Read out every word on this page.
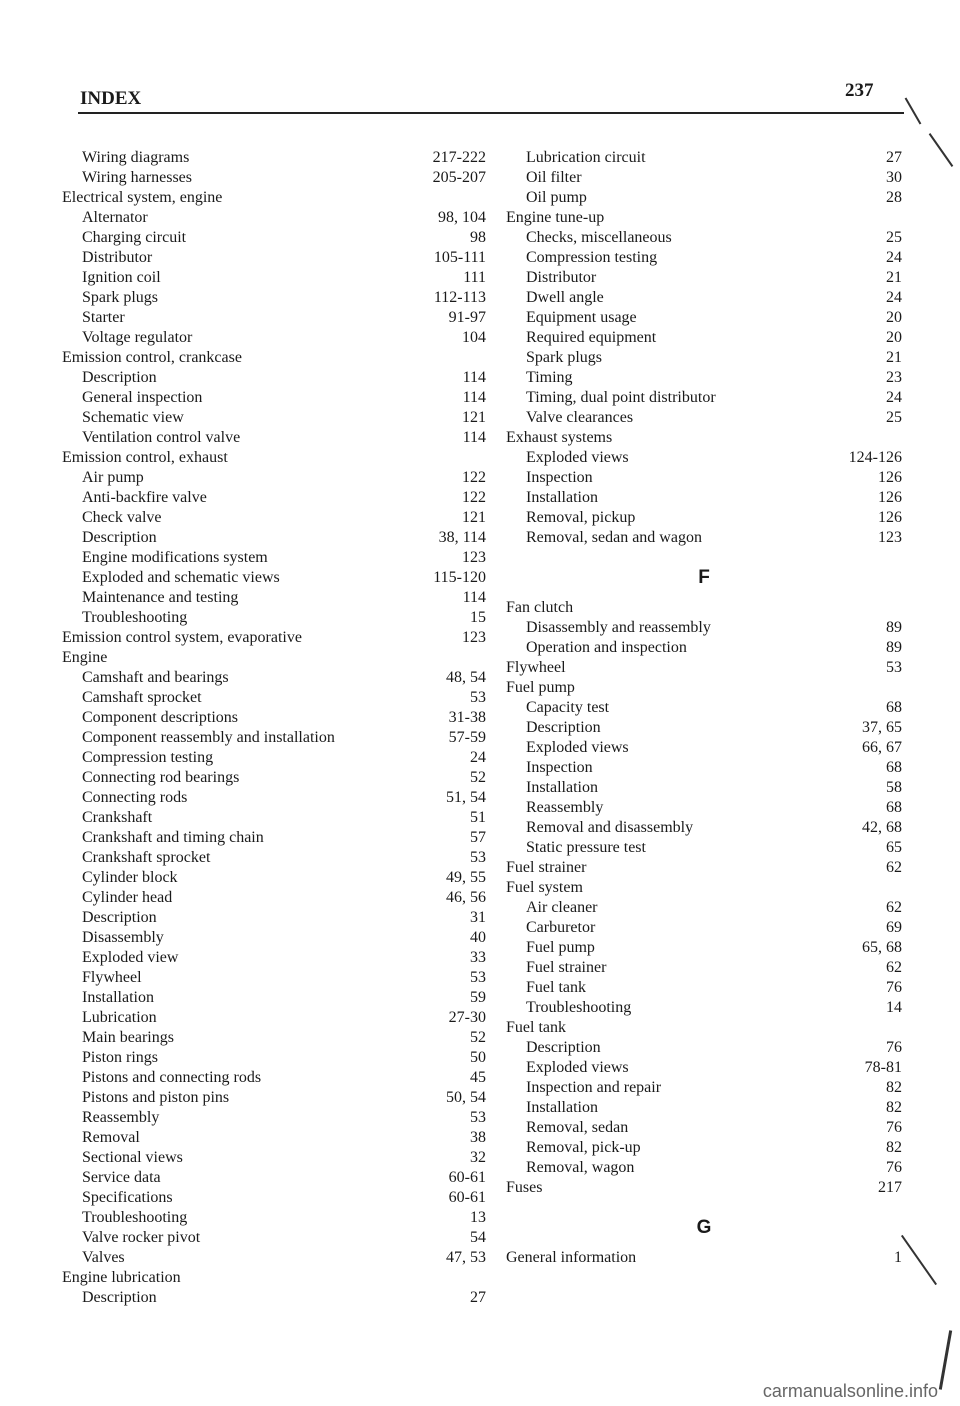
INDEX	237
Wiring diagrams	217-222
Wiring harnesses	205-207
Electrical system, engine
Alternator	98, 104
Charging circuit	98
Distributor	105-111
Ignition coil	111
Spark plugs	112-113
Starter	91-97
Voltage regulator	104
Emission control, crankcase
Description	114
General inspection	114
Schematic view	121
Ventilation control valve	114
Emission control, exhaust
Air pump	122
Anti-backfire valve	122
Check valve	121
Description	38, 114
Engine modifications system	123
Exploded and schematic views	115-120
Maintenance and testing	114
Troubleshooting	15
Emission control system, evaporative	123
Engine
Camshaft and bearings	48, 54
Camshaft sprocket	53
Component descriptions	31-38
Component reassembly and installation	57-59
Compression testing	24
Connecting rod bearings	52
Connecting rods	51, 54
Crankshaft	51
Crankshaft and timing chain	57
Crankshaft sprocket	53
Cylinder block	49, 55
Cylinder head	46, 56
Description	31
Disassembly	40
Exploded view	33
Flywheel	53
Installation	59
Lubrication	27-30
Main bearings	52
Piston rings	50
Pistons and connecting rods	45
Pistons and piston pins	50, 54
Reassembly	53
Removal	38
Sectional views	32
Service data	60-61
Specifications	60-61
Troubleshooting	13
Valve rocker pivot	54
Valves	47, 53
Engine lubrication
Description	27
Lubrication circuit	27
Oil filter	30
Oil pump	28
Engine tune-up
Checks, miscellaneous	25
Compression testing	24
Distributor	21
Dwell angle	24
Equipment usage	20
Required equipment	20
Spark plugs	21
Timing	23
Timing, dual point distributor	24
Valve clearances	25
Exhaust systems
Exploded views	124-126
Inspection	126
Installation	126
Removal, pickup	126
Removal, sedan and wagon	123
F
Fan clutch
Disassembly and reassembly	89
Operation and inspection	89
Flywheel	53
Fuel pump
Capacity test	68
Description	37, 65
Exploded views	66, 67
Inspection	68
Installation	58
Reassembly	68
Removal and disassembly	42, 68
Static pressure test	65
Fuel strainer	62
Fuel system
Air cleaner	62
Carburetor	69
Fuel pump	65, 68
Fuel strainer	62
Fuel tank	76
Troubleshooting	14
Fuel tank
Description	76
Exploded views	78-81
Inspection and repair	82
Installation	82
Removal, sedan	76
Removal, pick-up	82
Removal, wagon	76
Fuses	217
G
General information	1
carmanualsonline.info
